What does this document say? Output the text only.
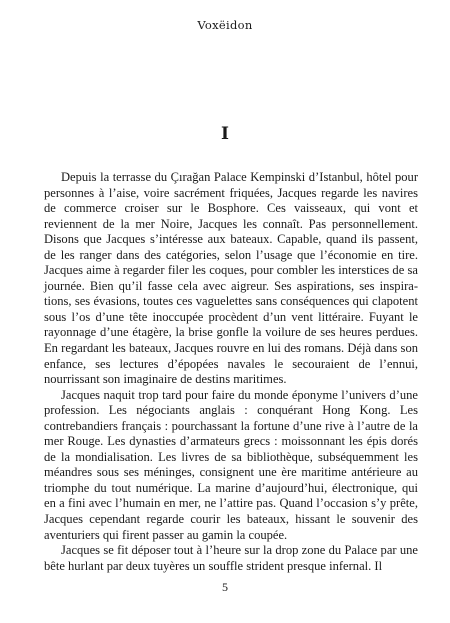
Voxëidon
I

Depuis la terrasse du Çırağan Palace Kempinski d’Istanbul, hôtel pour personnes à l’aise, voire sacrément friquées, Jacques regarde les navires de commerce croiser sur le Bosphore. Ces vaisseaux, qui vont et reviennent de la mer Noire, Jacques les connaît. Pas personnellement. Disons que Jacques s’intéresse aux bateaux. Capable, quand ils passent, de les ranger dans des catégories, selon l’usage que l’économie en tire. Jacques aime à regarder filer les coques, pour combler les interstices de sa journée. Bien qu’il fasse cela avec aigreur. Ses aspirations, ses inspirations, ses évasions, toutes ces vaguelettes sans conséquences qui clapotent sous l’os d’une tête inoccupée procèdent d’un vent littéraire. Fuyant le rayonnage d’une étagère, la brise gonfle la voilure de ses heures perdues. En regardant les bateaux, Jacques rouvre en lui des romans. Déjà dans son enfance, ses lectures d’épopées navales le secouraient de l’ennui, nourrissant son imaginaire de destins maritimes.

Jacques naquit trop tard pour faire du monde éponyme l’univers d’une profession. Les négociants anglais : conquérant Hong Kong. Les contrebandiers français : pourchassant la fortune d’une rive à l’autre de la mer Rouge. Les dynasties d’armateurs grecs : moissonnant les épis dorés de la mondialisation. Les livres de sa bibliothèque, subséquemment les méandres sous ses méninges, consignent une ère maritime antérieure au triomphe du tout numérique. La marine d’aujourd’hui, électronique, qui en a fini avec l’humain en mer, ne l’attire pas. Quand l’occasion s’y prête, Jacques cependant regarde courir les bateaux, hissant le souvenir des aventuriers qui firent passer au gamin la coupée.

Jacques se fit déposer tout à l’heure sur la drop zone du Palace par une bête hurlant par deux tuyères un souffle strident presque infernal. Il

5
